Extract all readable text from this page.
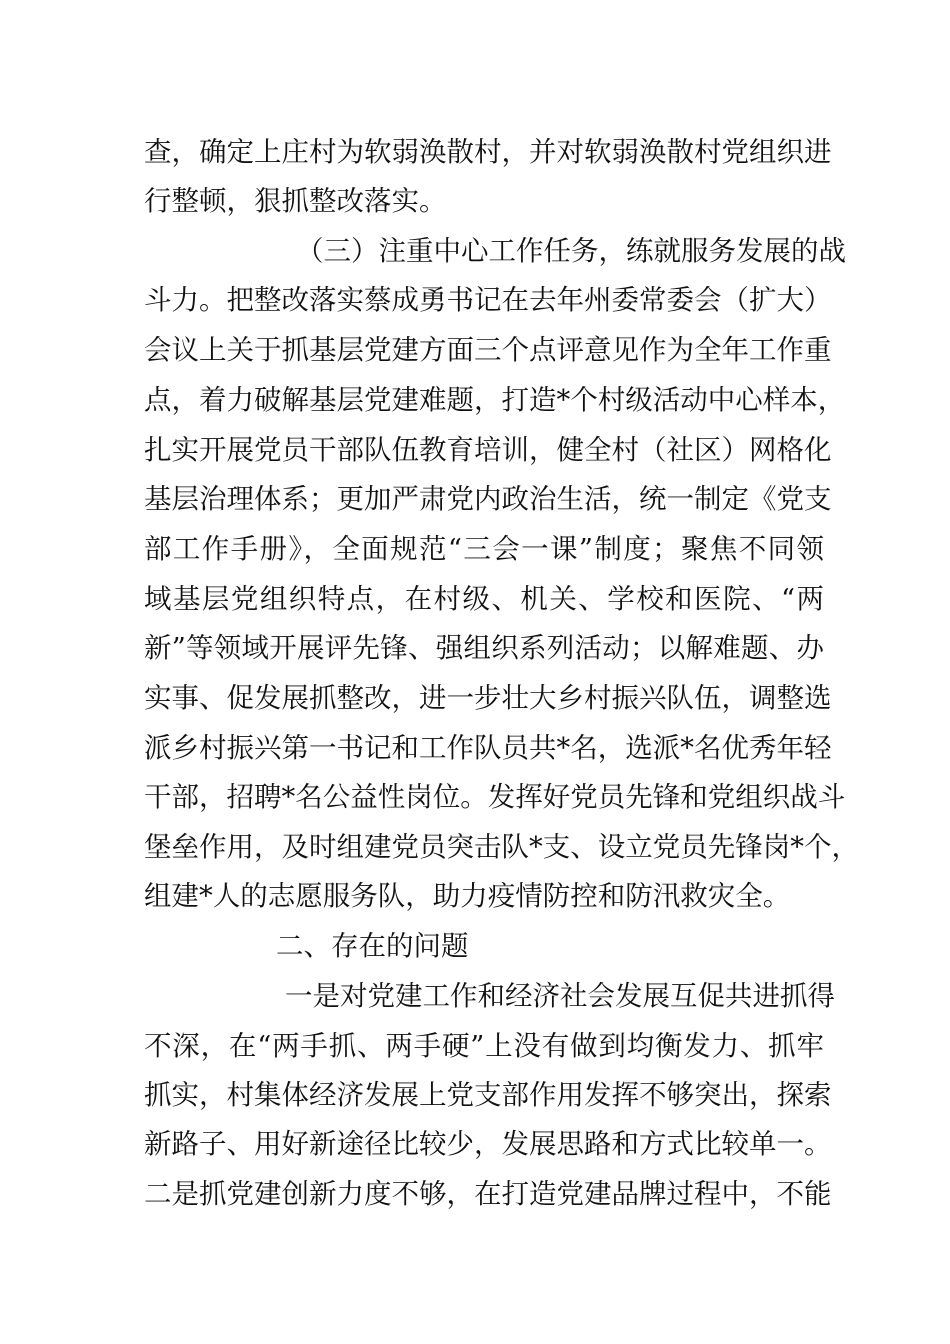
查，确定上庄村为软弱涣散村，并对软弱涣散村党组织进
行整顿，狠抓整改落实。
（三）注重中心工作任务，练就服务发展的战
斗力。把整改落实蔡成勇书记在去年州委常委会（扩大）
会议上关于抓基层党建方面三个点评意见作为全年工作重
点，着力破解基层党建难题，打造*个村级活动中心样本，
扎实开展党员干部队伍教育培训，健全村（社区）网格化
基层治理体系；更加严肃党内政治生活，统一制定《党支
部工作手册》，全面规范“三会一课”制度；聚焦不同领
域基层党组织特点，在村级、机关、学校和医院、“两
新”等领域开展评先锋、强组织系列活动；以解难题、办
实事、促发展抓整改，进一步壮大乡村振兴队伍，调整选
派乡村振兴第一书记和工作队员共*名，选派*名优秀年轻
干部，招聘*名公益性岗位。发挥好党员先锋和党组织战斗
堡垒作用，及时组建党员突击队*支、设立党员先锋岗*个，
组建*人的志愿服务队，助力疫情防控和防汛救灾全。
二、存在的问题
一是对党建工作和经济社会发展互促共进抓得
不深，在“两手抓、两手硬”上没有做到均衡发力、抓牢
抓实，村集体经济发展上党支部作用发挥不够突出，探索
新路子、用好新途径比较少，发展思路和方式比较单一。
二是抓党建创新力度不够，在打造党建品牌过程中，不能
